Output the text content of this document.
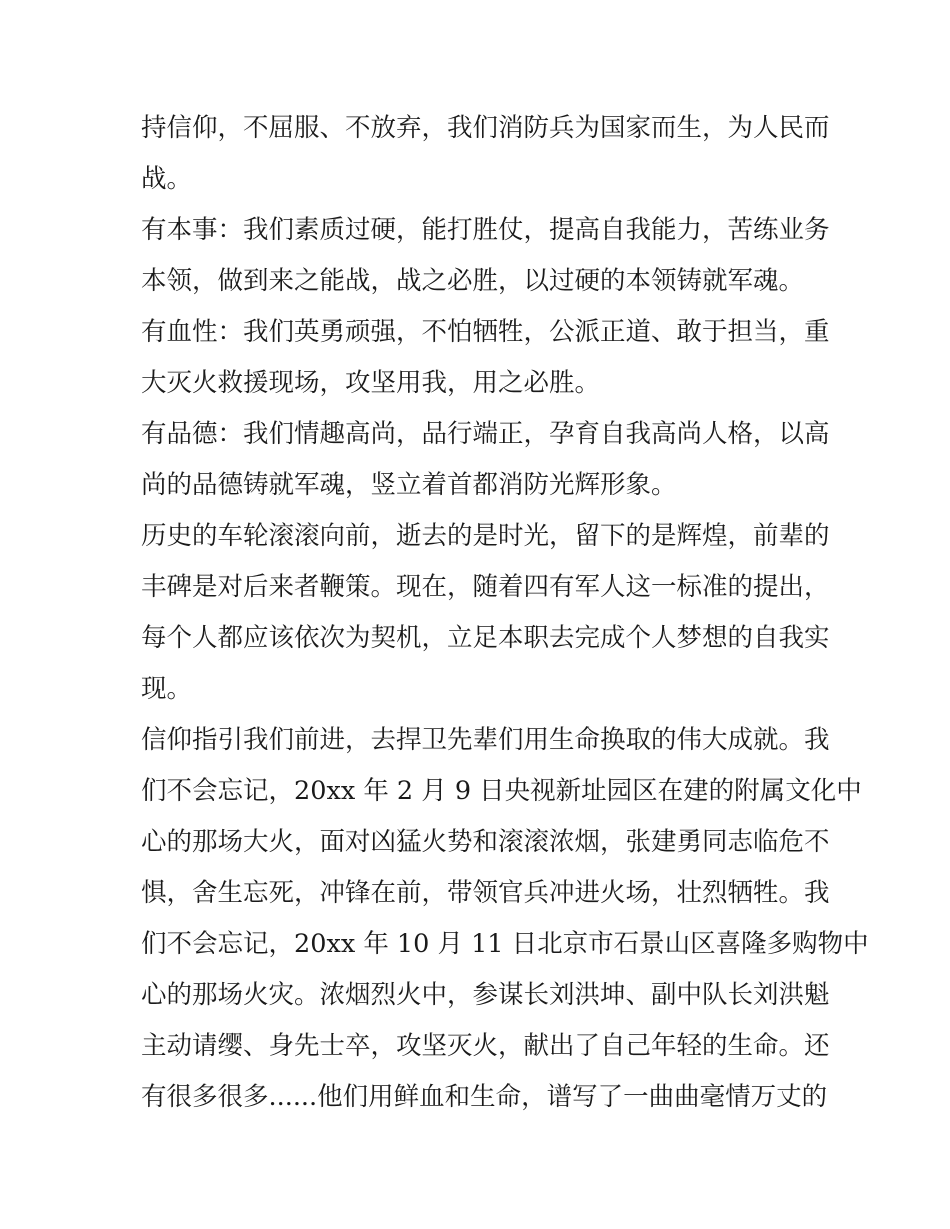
持信仰，不屈服、不放弃，我们消防兵为国家而生，为人民而
战。
有本事：我们素质过硬，能打胜仗，提高自我能力，苦练业务
本领，做到来之能战，战之必胜，以过硬的本领铸就军魂。
有血性：我们英勇顽强，不怕牺牲，公派正道、敢于担当，重
大灭火救援现场，攻坚用我，用之必胜。
有品德：我们情趣高尚，品行端正，孕育自我高尚人格，以高
尚的品德铸就军魂，竖立着首都消防光辉形象。
历史的车轮滚滚向前，逝去的是时光，留下的是辉煌，前辈的
丰碑是对后来者鞭策。现在，随着四有军人这一标准的提出，
每个人都应该依次为契机，立足本职去完成个人梦想的自我实
现。
信仰指引我们前进，去捍卫先辈们用生命换取的伟大成就。我
们不会忘记，20xx 年 2 月 9 日央视新址园区在建的附属文化中
心的那场大火，面对凶猛火势和滚滚浓烟，张建勇同志临危不
惧，舍生忘死，冲锋在前，带领官兵冲进火场，壮烈牺牲。我
们不会忘记，20xx 年 10 月 11 日北京市石景山区喜隆多购物中
心的那场火灾。浓烟烈火中，参谋长刘洪坤、副中队长刘洪魁
主动请缨、身先士卒，攻坚灭火，献出了自己年轻的生命。还
有很多很多......他们用鲜血和生命，谱写了一曲曲毫情万丈的
